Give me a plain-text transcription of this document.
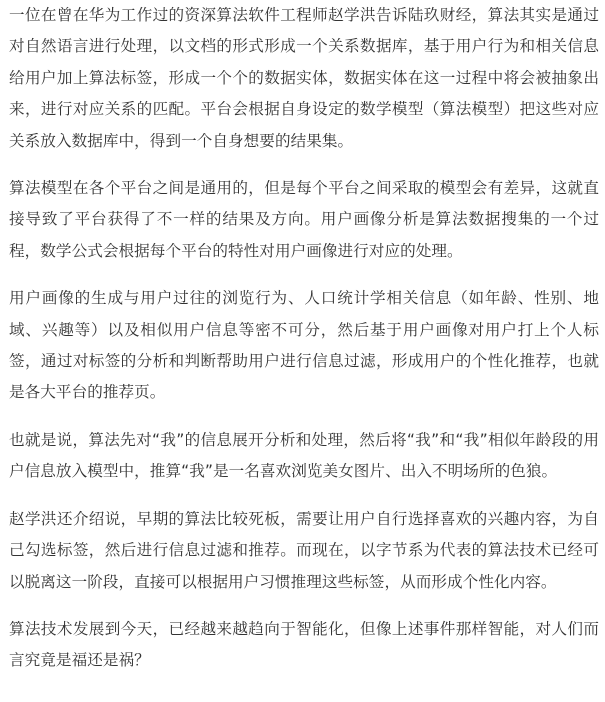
一位在曾在华为工作过的资深算法软件工程师赵学洪告诉陆玖财经，算法其实是通过对自然语言进行处理，以文档的形式形成一个关系数据库，基于用户行为和相关信息给用户加上算法标签，形成一个个的数据实体，数据实体在这一过程中将会被抽象出来，进行对应关系的匹配。平台会根据自身设定的数学模型（算法模型）把这些对应关系放入数据库中，得到一个自身想要的结果集。

算法模型在各个平台之间是通用的，但是每个平台之间采取的模型会有差异，这就直接导致了平台获得了不一样的结果及方向。用户画像分析是算法数据搜集的一个过程，数学公式会根据每个平台的特性对用户画像进行对应的处理。

用户画像的生成与用户过往的浏览行为、人口统计学相关信息（如年龄、性别、地域、兴趣等）以及相似用户信息等密不可分，然后基于用户画像对用户打上个人标签，通过对标签的分析和判断帮助用户进行信息过滤，形成用户的个性化推荐，也就是各大平台的推荐页。

也就是说，算法先对“我”的信息展开分析和处理，然后将“我”和“我”相似年龄段的用户信息放入模型中，推算“我”是一名喜欢浏览美女图片、出入不明场所的色狼。

赵学洪还介绍说，早期的算法比较死板，需要让用户自行选择喜欢的兴趣内容，为自己勾选标签，然后进行信息过滤和推荐。而现在，以字节系为代表的算法技术已经可以脱离这一阶段，直接可以根据用户习惯推理这些标签，从而形成个性化内容。

算法技术发展到今天，已经越来越趋向于智能化，但像上述事件那样智能，对人们而言究竟是福还是祸？
